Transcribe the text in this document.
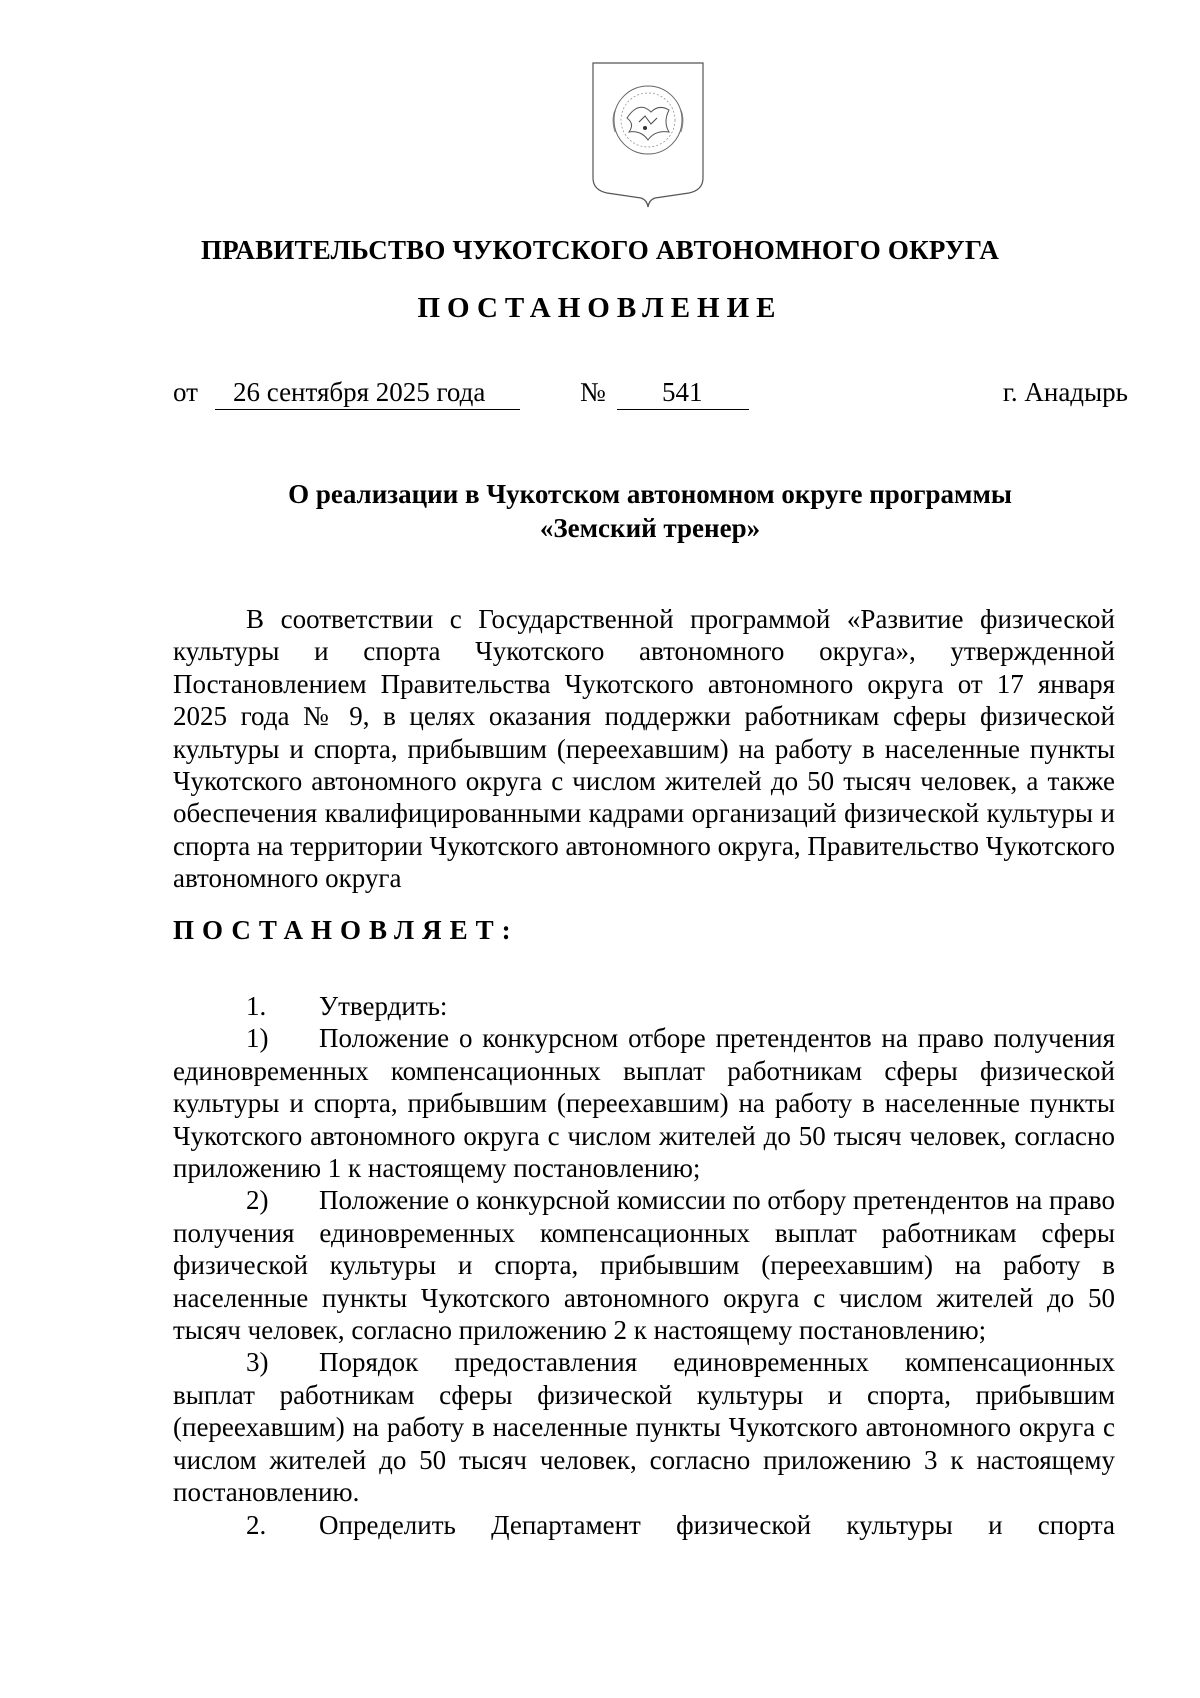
ПРАВИТЕЛЬСТВО ЧУКОТСКОГО АВТОНОМНОГО ОКРУГА
ПОСТАНОВЛЕНИЕ
от 26 сентября 2025 года	№ 541	г. Анадырь
О реализации в Чукотском автономном округе программы
«Земский тренер»

В соответствии с Государственной программой «Развитие физической культуры и спорта Чукотского автономного округа», утвержденной Постановлением Правительства Чукотского автономного округа от 17 января 2025 года № 9, в целях оказания поддержки работникам сферы физической культуры и спорта, прибывшим (переехавшим) на работу в населенные пункты Чукотского автономного округа с числом жителей до 50 тысяч человек, а также обеспечения квалифицированными кадрами организаций физической культуры и спорта на территории Чукотского автономного округа, Правительство Чукотского автономного округа

ПОСТАНОВЛЯЕТ:

1. Утвердить:

1) Положение о конкурсном отборе претендентов на право получения единовременных компенсационных выплат работникам сферы физической культуры и спорта, прибывшим (переехавшим) на работу в населенные пункты Чукотского автономного округа с числом жителей до 50 тысяч человек, согласно приложению 1 к настоящему постановлению;

2) Положение о конкурсной комиссии по отбору претендентов на право получения единовременных компенсационных выплат работникам сферы физической культуры и спорта, прибывшим (переехавшим) на работу в населенные пункты Чукотского автономного округа с числом жителей до 50 тысяч человек, согласно приложению 2 к настоящему постановлению;

3) Порядок предоставления единовременных компенсационных выплат работникам сферы физической культуры и спорта, прибывшим (переехавшим) на работу в населенные пункты Чукотского автономного округа с числом жителей до 50 тысяч человек, согласно приложению 3 к настоящему постановлению.

2. Определить Департамент физической культуры и спорта
